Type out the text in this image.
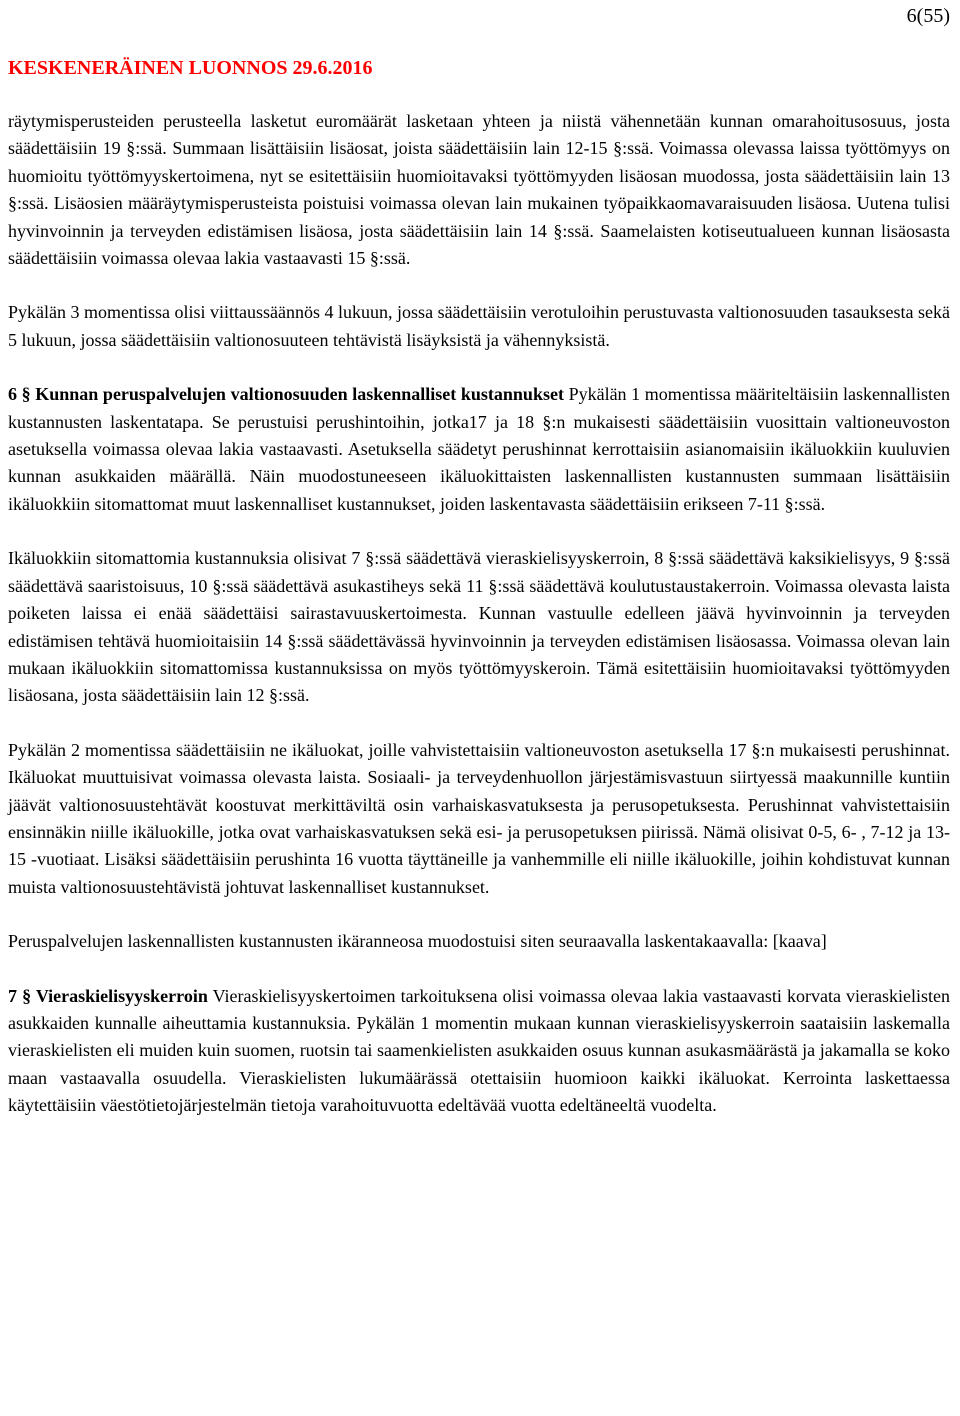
6(55)
KESKENERÄINEN LUONNOS 29.6.2016

räytymisperusteiden perusteella lasketut euromäärät lasketaan yhteen ja niistä vähennetään kunnan omarahoitusosuus, josta säädettäisiin 19 §:ssä. Summaan lisättäisiin lisäosat, joista säädettäisiin lain 12-15 §:ssä. Voimassa olevassa laissa työttömyys on huomioitu työttömyyskertoimena, nyt se esitettäisiin huomioitavaksi työttömyyden lisäosan muodossa, josta säädettäisiin lain 13 §:ssä. Lisäosien määräytymisperusteista poistuisi voimassa olevan lain mukainen työpaikkaomavaraisuuden lisäosa. Uutena tulisi hyvinvoinnin ja terveyden edistämisen lisäosa, josta säädettäisiin lain 14 §:ssä. Saamelaisten kotiseutualueen kunnan lisäosasta säädettäisiin voimassa olevaa lakia vastaavasti 15 §:ssä.

Pykälän 3 momentissa olisi viittaussäännös 4 lukuun, jossa säädettäisiin verotuloihin perustuvasta valtionosuuden tasauksesta sekä 5 lukuun, jossa säädettäisiin valtionosuuteen tehtävistä lisäyksistä ja vähennyksistä.

6 § Kunnan peruspalvelujen valtionosuuden laskennalliset kustannukset Pykälän 1 momentissa määriteltäisiin laskennallisten kustannusten laskentatapa. Se perustuisi perushintoihin, jotka17 ja 18 §:n mukaisesti säädettäisiin vuosittain valtioneuvoston asetuksella voimassa olevaa lakia vastaavasti. Asetuksella säädetyt perushinnat kerrottaisiin asianomaisiin ikäluokkiin kuuluvien kunnan asukkaiden määrällä. Näin muodostuneeseen ikäluokittaisten laskennallisten kustannusten summaan lisättäisiin ikäluokkiin sitomattomat muut laskennalliset kustannukset, joiden laskentavasta säädettäisiin erikseen 7-11 §:ssä.

Ikäluokkiin sitomattomia kustannuksia olisivat 7 §:ssä säädettävä vieraskielisyyskerroin, 8 §:ssä säädettävä kaksikielisyys, 9 §:ssä säädettävä saaristoisuus, 10 §:ssä säädettävä asukastiheys sekä 11 §:ssä säädettävä koulutustaustakerroin. Voimassa olevasta laista poiketen laissa ei enää säädettäisi sairastavuuskertoimesta. Kunnan vastuulle edelleen jäävä hyvinvoinnin ja terveyden edistämisen tehtävä huomioitaisiin 14 §:ssä säädettävässä hyvinvoinnin ja terveyden edistämisen lisäosassa. Voimassa olevan lain mukaan ikäluokkiin sitomattomissa kustannuksissa on myös työttömyyskeroin. Tämä esitettäisiin huomioitavaksi työttömyyden lisäosana, josta säädettäisiin lain 12 §:ssä.

Pykälän 2 momentissa säädettäisiin ne ikäluokat, joille vahvistettaisiin valtioneuvoston asetuksella 17 §:n mukaisesti perushinnat. Ikäluokat muuttuisivat voimassa olevasta laista. Sosiaali- ja terveydenhuollon järjestämisvastuun siirtyessä maakunnille kuntiin jäävät valtionosuustehtävät koostuvat merkittäviltä osin varhaiskasvatuksesta ja perusopetuksesta. Perushinnat vahvistettaisiin ensinnäkin niille ikäluokille, jotka ovat varhaiskasvatuksen sekä esi- ja perusopetuksen piirissä. Nämä olisivat 0-5, 6- , 7-12 ja 13-15 -vuotiaat. Lisäksi säädettäisiin perushinta 16 vuotta täyttäneille ja vanhemmille eli niille ikäluokille, joihin kohdistuvat kunnan muista valtionosuustehtävistä johtuvat laskennalliset kustannukset.

Peruspalvelujen laskennallisten kustannusten ikäranneosa muodostuisi siten seuraavalla laskentakaavalla: [kaava]

7 § Vieraskielisyyskerroin Vieraskielisyyskertoimen tarkoituksena olisi voimassa olevaa lakia vastaavasti korvata vieraskielisten asukkaiden kunnalle aiheuttamia kustannuksia. Pykälän 1 momentin mukaan kunnan vieraskielisyyskerroin saataisiin laskemalla vieraskielisten eli muiden kuin suomen, ruotsin tai saamenkielisten asukkaiden osuus kunnan asukasmäärästä ja jakamalla se koko maan vastaavalla osuudella. Vieraskielisten lukumäärässä otettaisiin huomioon kaikki ikäluokat. Kerrointa laskettaessa käytettäisiin väestötietojärjestelmän tietoja varahoituvuotta edeltävää vuotta edeltäneeltä vuodelta.
